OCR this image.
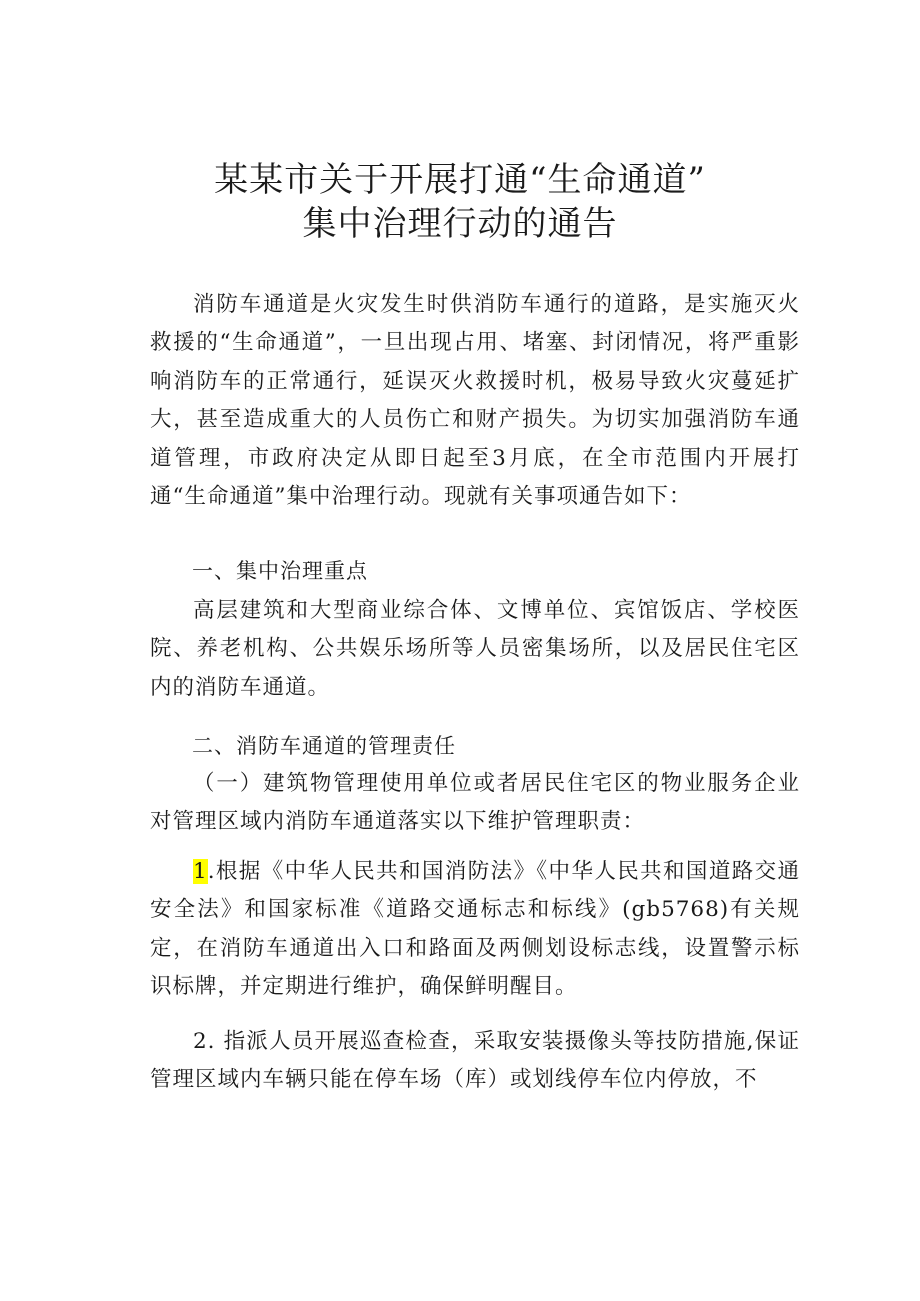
某某市关于开展打通“生命通道”
集中治理行动的通告

消防车通道是火灾发生时供消防车通行的道路，是实施灭火救援的“生命通道”，一旦出现占用、堵塞、封闭情况，将严重影响消防车的正常通行，延误灭火救援时机，极易导致火灾蔓延扩大，甚至造成重大的人员伤亡和财产损失。为切实加强消防车通道管理，市政府决定从即日起至3月底，在全市范围内开展打通“生命通道”集中治理行动。现就有关事项通告如下：

一、集中治理重点

高层建筑和大型商业综合体、文博单位、宾馆饭店、学校医院、养老机构、公共娱乐场所等人员密集场所，以及居民住宅区内的消防车通道。

二、消防车通道的管理责任

（一）建筑物管理使用单位或者居民住宅区的物业服务企业对管理区域内消防车通道落实以下维护管理职责：

1.根据《中华人民共和国消防法》《中华人民共和国道路交通安全法》和国家标准《道路交通标志和标线》(gb5768)有关规定，在消防车通道出入口和路面及两侧划设标志线，设置警示标识标牌，并定期进行维护，确保鲜明醒目。

2. 指派人员开展巡查检查，采取安装摄像头等技防措施,保证管理区域内车辆只能在停车场（库）或划线停车位内停放，不
